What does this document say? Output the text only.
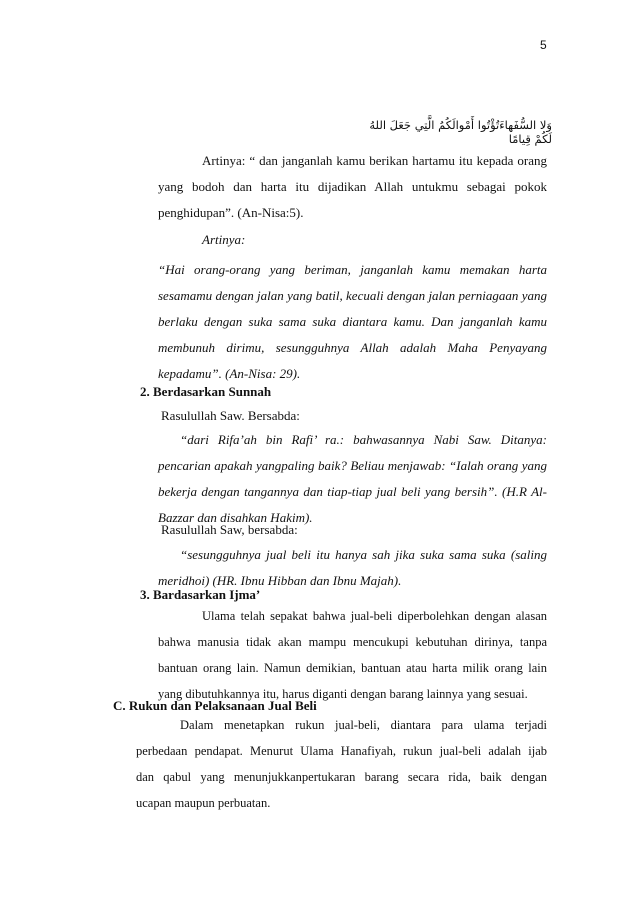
5
وَلا السُّفَهاءَتُؤْتُوا أَمْوالَكُمُ الَّتِي جَعَلَ اللهُ لَكُمْ قِيامًا
Artinya: “ dan janganlah kamu berikan hartamu itu kepada orang
yang bodoh dan harta itu dijadikan Allah untukmu sebagai pokok
penghidupan”. (An-Nisa:5).
Artinya:
“Hai orang-orang yang beriman, janganlah kamu memakan harta
sesamamu dengan jalan yang batil, kecuali dengan jalan perniagaan yang
berlaku dengan suka sama suka diantara kamu. Dan janganlah kamu
membunuh dirimu, sesungguhnya Allah adalah Maha Penyayang
kepadamu”. (An-Nisa: 29).
2. Berdasarkan Sunnah
Rasulullah Saw. Bersabda:
“dari Rifa’ah bin Rafi’ ra.: bahwasannya Nabi Saw. Ditanya:
pencarian apakah yangpaling baik? Beliau menjawab: “Ialah orang yang
bekerja dengan tangannya dan tiap-tiap jual beli yang bersih”. (H.R Al-
Bazzar dan disahkan Hakim).
Rasulullah Saw, bersabda:
“sesungguhnya jual beli itu hanya sah jika suka sama suka (saling
meridhoi) (HR. Ibnu Hibban dan Ibnu Majah).
3. Bardasarkan Ijma’
Ulama telah sepakat bahwa jual-beli diperbolehkan dengan alasan
bahwa manusia tidak akan mampu mencukupi kebutuhan dirinya, tanpa
bantuan orang lain. Namun demikian, bantuan atau harta milik orang lain
yang dibutuhkannya itu, harus diganti dengan barang lainnya yang sesuai.
C. Rukun dan Pelaksanaan Jual Beli
Dalam menetapkan rukun jual-beli, diantara para ulama terjadi
perbedaan pendapat. Menurut Ulama Hanafiyah, rukun jual-beli adalah ijab
dan qabul yang menunjukkanpertukaran barang secara rida, baik dengan
ucapan maupun perbuatan.
